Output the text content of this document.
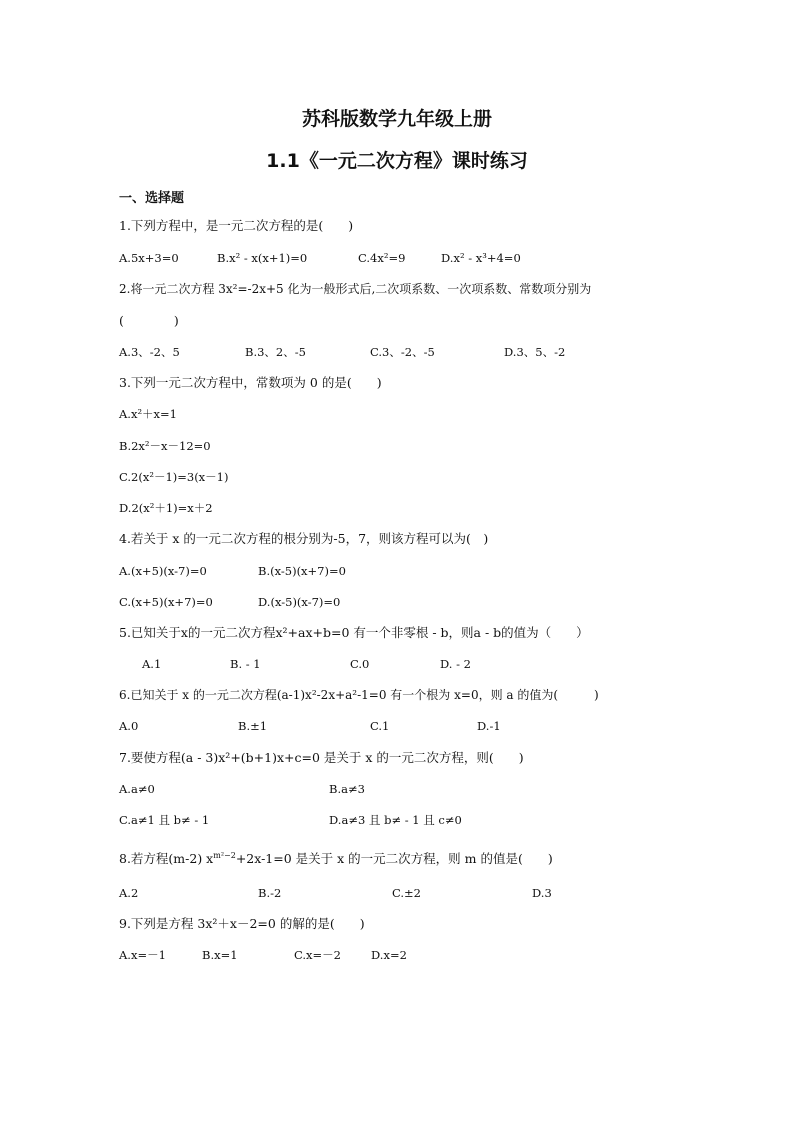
苏科版数学九年级上册
1.1《一元二次方程》课时练习
一、选择题
1.下列方程中，是一元二次方程的是(　　)
A.5x+3=0	B.x² - x(x+1)=0	C.4x²=9	D.x² - x³+4=0
2.将一元二次方程 3x²=-2x+5 化为一般形式后,二次项系数、一次项系数、常数项分别为
(　　　　)
A.3、-2、5	B.3、2、-5	C.3、-2、-5	D.3、5、-2
3.下列一元二次方程中，常数项为 0 的是(　　)
A.x²＋x=1
B.2x²－x－12=0
C.2(x²－1)=3(x－1)
D.2(x²＋1)=x＋2
4.若关于 x 的一元二次方程的根分别为-5，7，则该方程可以为(　)
A.(x+5)(x-7)=0	B.(x-5)(x+7)=0
C.(x+5)(x+7)=0	D.(x-5)(x-7)=0
5.已知关于x的一元二次方程x²+ax+b=0 有一个非零根 - b，则a - b的值为（　　）
A.1	B. - 1	C.0	D. - 2
6.已知关于 x 的一元二次方程(a-1)x²-2x+a²-1=0 有一个根为 x=0，则 a 的值为(　　　)
A.0	B.±1	C.1	D.-1
7.要使方程(a - 3)x²+(b+1)x+c=0 是关于 x 的一元二次方程，则(　　)
A.a≠0	B.a≠3
C.a≠1 且 b≠ - 1	D.a≠3 且 b≠ - 1 且 c≠0
8.若方程(m-2) $x^{m^2-2}+2x-1=0$ 是关于 x 的一元二次方程，则 m 的值是(　　)
A.2	B.-2	C.±2	D.3
9.下列是方程 3x²＋x－2=0 的解的是(　　)
A.x=－1	B.x=1	C.x=－2	D.x=2
